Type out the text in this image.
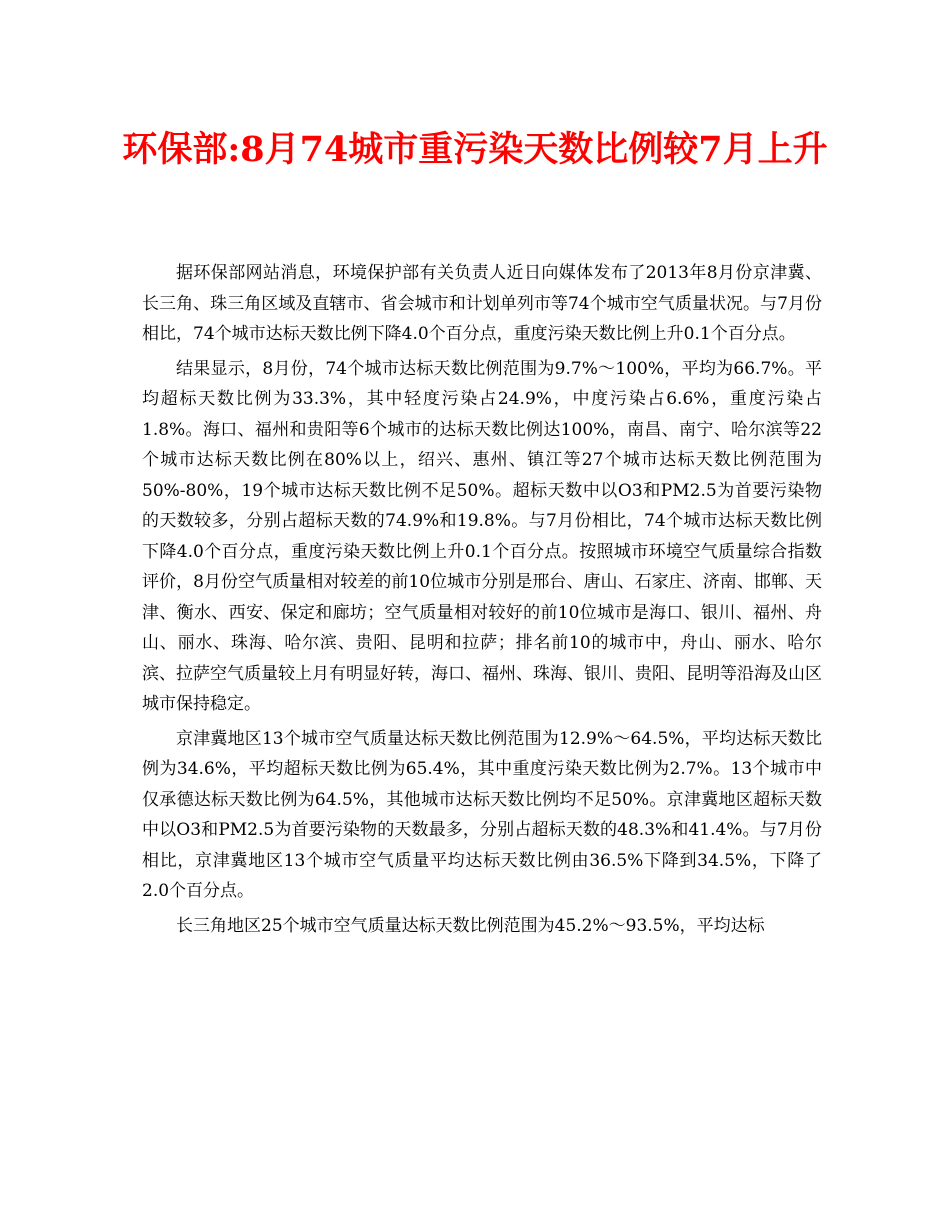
环保部:8月74城市重污染天数比例较7月上升

据环保部网站消息，环境保护部有关负责人近日向媒体发布了2013年8月份京津冀、长三角、珠三角区域及直辖市、省会城市和计划单列市等74个城市空气质量状况。与7月份相比，74个城市达标天数比例下降4.0个百分点，重度污染天数比例上升0.1个百分点。

结果显示，8月份，74个城市达标天数比例范围为9.7%～100%，平均为66.7%。平均超标天数比例为33.3%，其中轻度污染占24.9%，中度污染占6.6%，重度污染占1.8%。海口、福州和贵阳等6个城市的达标天数比例达100%，南昌、南宁、哈尔滨等22个城市达标天数比例在80%以上，绍兴、惠州、镇江等27个城市达标天数比例范围为50%-80%，19个城市达标天数比例不足50%。超标天数中以O3和PM2.5为首要污染物的天数较多，分别占超标天数的74.9%和19.8%。与7月份相比，74个城市达标天数比例下降4.0个百分点，重度污染天数比例上升0.1个百分点。按照城市环境空气质量综合指数评价，8月份空气质量相对较差的前10位城市分别是邢台、唐山、石家庄、济南、邯郸、天津、衡水、西安、保定和廊坊；空气质量相对较好的前10位城市是海口、银川、福州、舟山、丽水、珠海、哈尔滨、贵阳、昆明和拉萨；排名前10的城市中，舟山、丽水、哈尔滨、拉萨空气质量较上月有明显好转，海口、福州、珠海、银川、贵阳、昆明等沿海及山区城市保持稳定。

京津冀地区13个城市空气质量达标天数比例范围为12.9%～64.5%，平均达标天数比例为34.6%，平均超标天数比例为65.4%，其中重度污染天数比例为2.7%。13个城市中仅承德达标天数比例为64.5%，其他城市达标天数比例均不足50%。京津冀地区超标天数中以O3和PM2.5为首要污染物的天数最多，分别占超标天数的48.3%和41.4%。与7月份相比，京津冀地区13个城市空气质量平均达标天数比例由36.5%下降到34.5%，下降了2.0个百分点。

长三角地区25个城市空气质量达标天数比例范围为45.2%～93.5%，平均达标
